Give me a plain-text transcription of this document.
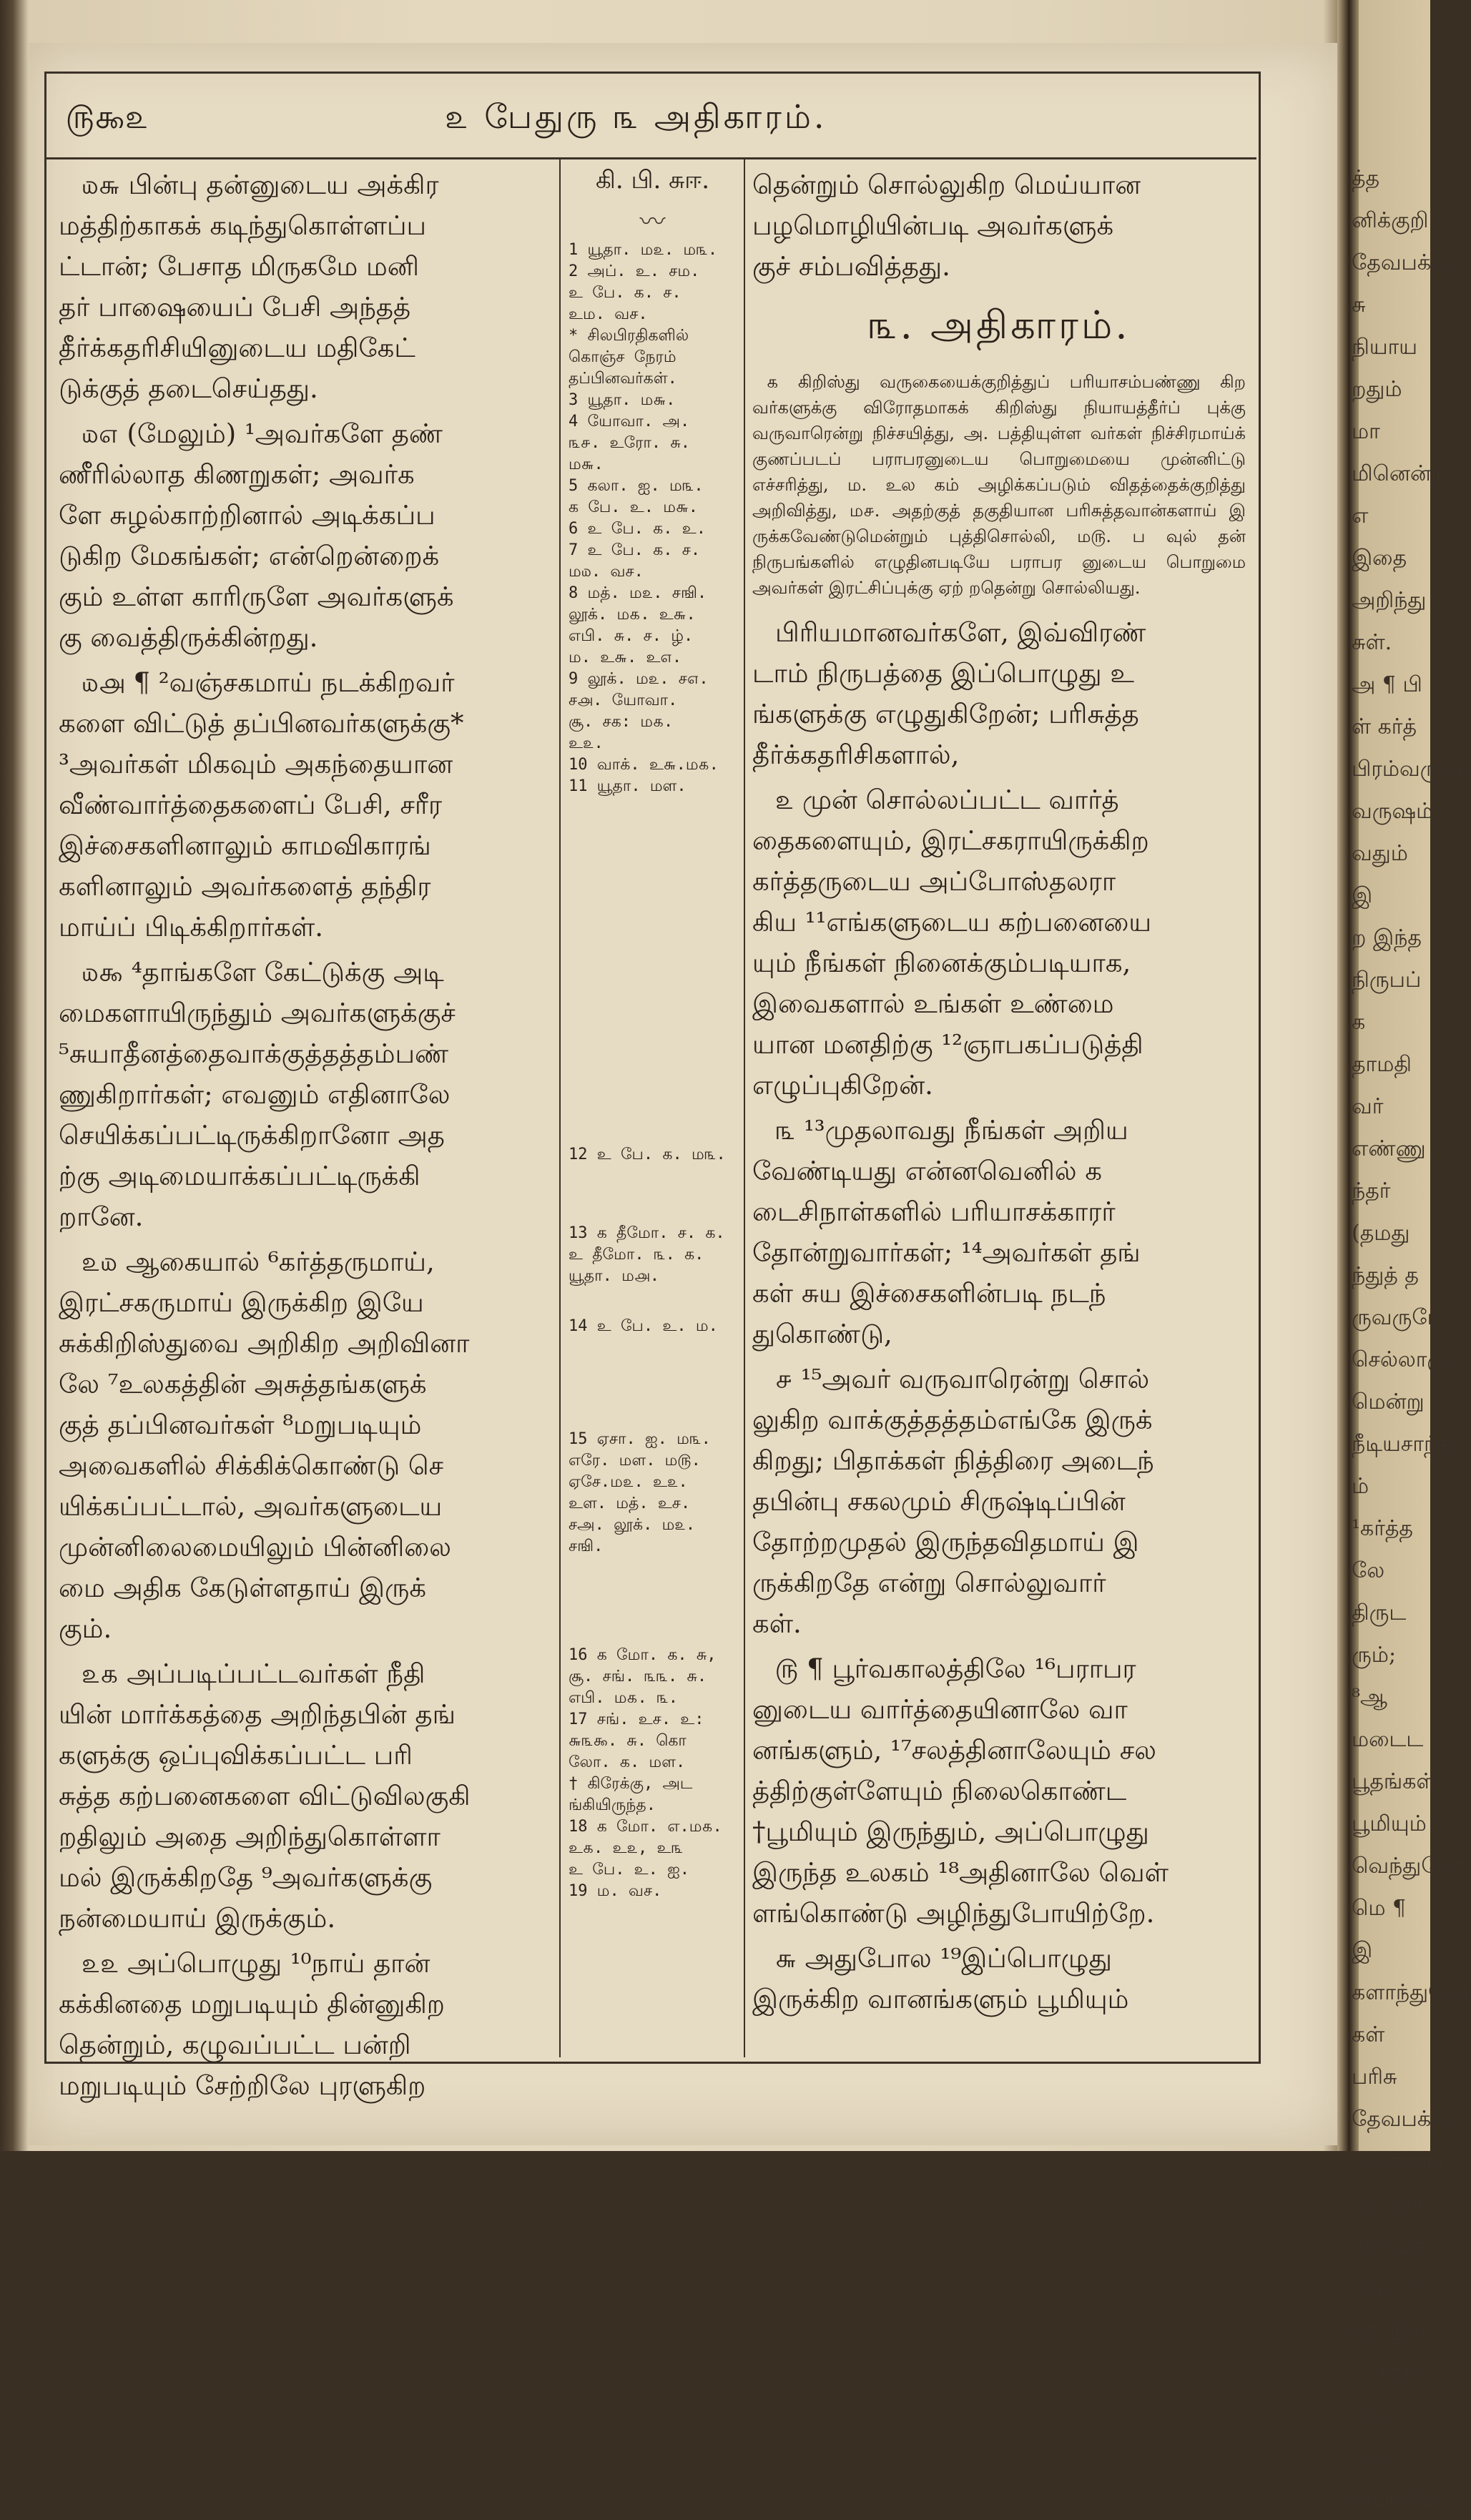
௫௯௨	௨ பேதுரு ௩ அதிகாரம்.

௰௬ பின்பு தன்னுடைய அக்கிர
மத்திற்காகக் கடிந்துகொள்ளப்ப
ட்டான்; பேசாத மிருகமே மனி
தர் பாஷையைப் பேசி அந்தத்
தீர்க்கதரிசியினுடைய மதிகேட்
டுக்குத் தடைசெய்தது.

௰௭ (மேலும்) ¹அவர்களே தண்
ணீரில்லாத கிணறுகள்; அவர்க
ளே சுழல்காற்றினால் அடிக்கப்ப
டுகிற மேகங்கள்; என்றென்றைக்
கும் உள்ள காரிருளே அவர்களுக்
கு வைத்திருக்கின்றது.

௰௮ ¶ ²வஞ்சகமாய் நடக்கிறவர்
களை விட்டுத் தப்பினவர்களுக்கு*
³அவர்கள் மிகவும் அகந்தையான
வீண்வார்த்தைகளைப் பேசி, சரீர
இச்சைகளினாலும் காமவிகாரங்
களினாலும் அவர்களைத் தந்திர
மாய்ப் பிடிக்கிறார்கள்.

௰௯ ⁴தாங்களே கேட்டுக்கு அடி
மைகளாயிருந்தும் அவர்களுக்குச்
⁵சுயாதீனத்தைவாக்குத்தத்தம்பண்
ணுகிறார்கள்; எவனும் எதினாலே
செயிக்கப்பட்டிருக்கிறானோ அத
ற்கு அடிமையாக்கப்பட்டிருக்கி
றானே.

௨௰ ஆகையால் ⁶கர்த்தருமாய்,
இரட்சகருமாய் இருக்கிற இயே
சுக்கிறிஸ்துவை அறிகிற அறிவினா
லே ⁷உலகத்தின் அசுத்தங்களுக்
குத் தப்பினவர்கள் ⁸மறுபடியும்
அவைகளில் சிக்கிக்கொண்டு செ
யிக்கப்பட்டால், அவர்களுடைய
முன்னிலைமையிலும் பின்னிலை
மை அதிக கேடுள்ளதாய் இருக்
கும்.

௨௧ அப்படிப்பட்டவர்கள் நீதி
யின் மார்க்கத்தை அறிந்தபின் தங்
களுக்கு ஒப்புவிக்கப்பட்ட பரி
சுத்த கற்பனைகளை விட்டுவிலகுகி
றதிலும் அதை அறிந்துகொள்ளா
மல் இருக்கிறதே ⁹அவர்களுக்கு
நன்மையாய் இருக்கும்.

௨௨ அப்பொழுது ¹⁰நாய் தான்
கக்கினதை மறுபடியும் தின்னுகிற
தென்றும், கழுவப்பட்ட பன்றி
மறுபடியும் சேற்றிலே புரளுகிற

கி. பி. சுஈ.
〰
1 யூதா. ம௨. ம௩.
2 அப். உ. சம.
உ பே. க. ச.
உம. வச.
* சிலபிரதிகளில்
கொஞ்ச நேரம்
தப்பினவர்கள்.
3 யூதா. ம௬.
4 யோவா. அ.
௩௪. உரோ. சு.
ம௬.
5 கலா. ஐ. ம௩.
க பே. உ. ம௬.
6 உ பே. க. உ.
7 உ பே. க. ச.
ம௰. வச.
8 மத். ம௨. சஙி.
லூக். ம௧. உ௬.
எபி. சு. ச. ழ்.
ம. உ௬. உ௭.
9 லூக். ம௨. ச௭.
ச௮. யோவா.
சூ. சக: ம௧.
உ௨.
10 வாக். உ௬.ம௧.
11 யூதா. மள.
12 உ பே. க. ம௩.
13 க தீமோ. ச. க.
உ தீமோ. ௩. க.
யூதா. ம௮.
14 உ பே. உ. ம.
15 ஏசா. ஐ. ம௩.
எரே. மள. ம௫.
ஏசே.ம௨. உ௨.
உள. மத். உச.
சஅ. லூக். ம௨.
சஙி.
16 க மோ. க. சு,
சூ. சங். ௩௩. சு.
எபி. ம௧. ௩.
17 சங். உச. உ:
௬௩௯. சு. கொ
லோ. க. மள.
† கிரேக்கு, அட
ங்கியிருந்த.
18 க மோ. எ.ம௧.
உ௧. உ௨, உ௩
உ பே. உ. ஐ.
19 ம. வச.

தென்றும் சொல்லுகிற மெய்யான
பழமொழியின்படி அவர்களுக்
குச் சம்பவித்தது.

௩. அதிகாரம்.

௧ கிறிஸ்து வருகையைக்குறித்துப் பரியாசம்பண்ணு கிற வர்களுக்கு விரோதமாகக் கிறிஸ்து நியாயத்தீர்ப் புக்கு வருவாரென்று நிச்சயித்து, அ. பத்தியுள்ள வர்கள் நிச்சிரமாய்க் குணப்படப் பராபரனுடைய பொறுமையை முன்னிட்டு எச்சரித்து, ம. உல கம் அழிக்கப்படும் விதத்தைக்குறித்து அறிவித்து, ம௪. அதற்குத் தகுதியான பரிசுத்தவான்களாய் இ ருக்கவேண்டுமென்றும் புத்திசொல்லி, ம௫. ப வுல் தன் நிருபங்களில் எழுதினபடியே பராபர னுடைய பொறுமை அவர்கள் இரட்சிப்புக்கு ஏற் றதென்று சொல்லியது.

பிரியமானவர்களே, இவ்விரண்
டாம் நிருபத்தை இப்பொழுது உ
ங்களுக்கு எழுதுகிறேன்; பரிசுத்த
தீர்க்கதரிசிகளால்,

௨ முன் சொல்லப்பட்ட வார்த்
தைகளையும், இரட்சகராயிருக்கிற
கர்த்தருடைய அப்போஸ்தலரா
கிய ¹¹எங்களுடைய கற்பனையை
யும் நீங்கள் நினைக்கும்படியாக,
இவைகளால் உங்கள் உண்மை
யான மனதிற்கு ¹²ஞாபகப்படுத்தி
எழுப்புகிறேன்.

௩ ¹³முதலாவது நீங்கள் அறிய
வேண்டியது என்னவெனில் க
டைசிநாள்களில் பரியாசக்காரர்
தோன்றுவார்கள்; ¹⁴அவர்கள் தங்
கள் சுய இச்சைகளின்படி நடந்
துகொண்டு,

௪ ¹⁵அவர் வருவாரென்று சொல்
லுகிற வாக்குத்தத்தம்எங்கே இருக்
கிறது; பிதாக்கள் நித்திரை அடைந்
தபின்பு சகலமும் சிருஷ்டிப்பின்
தோற்றமுதல் இருந்தவிதமாய் இ
ருக்கிறதே என்று சொல்லுவார்
கள்.

௫ ¶ பூர்வகாலத்திலே ¹⁶பராபர
னுடைய வார்த்தையினாலே வா
னங்களும், ¹⁷சலத்தினாலேயும் சல
த்திற்குள்ளேயும் நிலைகொண்ட
†பூமியும் இருந்தும், அப்பொழுது
இருந்த உலகம் ¹⁸அதினாலே வெள்
ளங்கொண்டு அழிந்துபோயிற்றே.

௬ அதுபோல ¹⁹இப்பொழுது
இருக்கிற வானங்களும் பூமியும்

த்த
னிக்குறி
தேவபக்தி
சு நியாய
றதும் மா
மினென்ற
எ இதை
அறிந்து
சுள்.
அ ¶ பி
ள் கர்த்
பிரம்வருஷ
வருஷம்
வதும் இ
ற இந்த
நிருபப்
க தாமதி
வர் எண்ணு
ந்தர் (தமது
ந்துத் த
ருவருமே
செல்லாரு
மென்று
நீடியசாந்த
ம் ¹கர்த்த
லே திருட
ரும்; ⁸ஆ
மடைட
பூதங்கள்
பூமியும்
வெந்துபோ
மெ ¶ இ
களாந்துபோ
கள் பரிசு
தேவபக்தி
டவர்களா
ம௨ வா
டு,¹¹பூத
ரும்; ¹²
ந்து நீங்
ட காத்
ம௩ அவ
ன்படியே
